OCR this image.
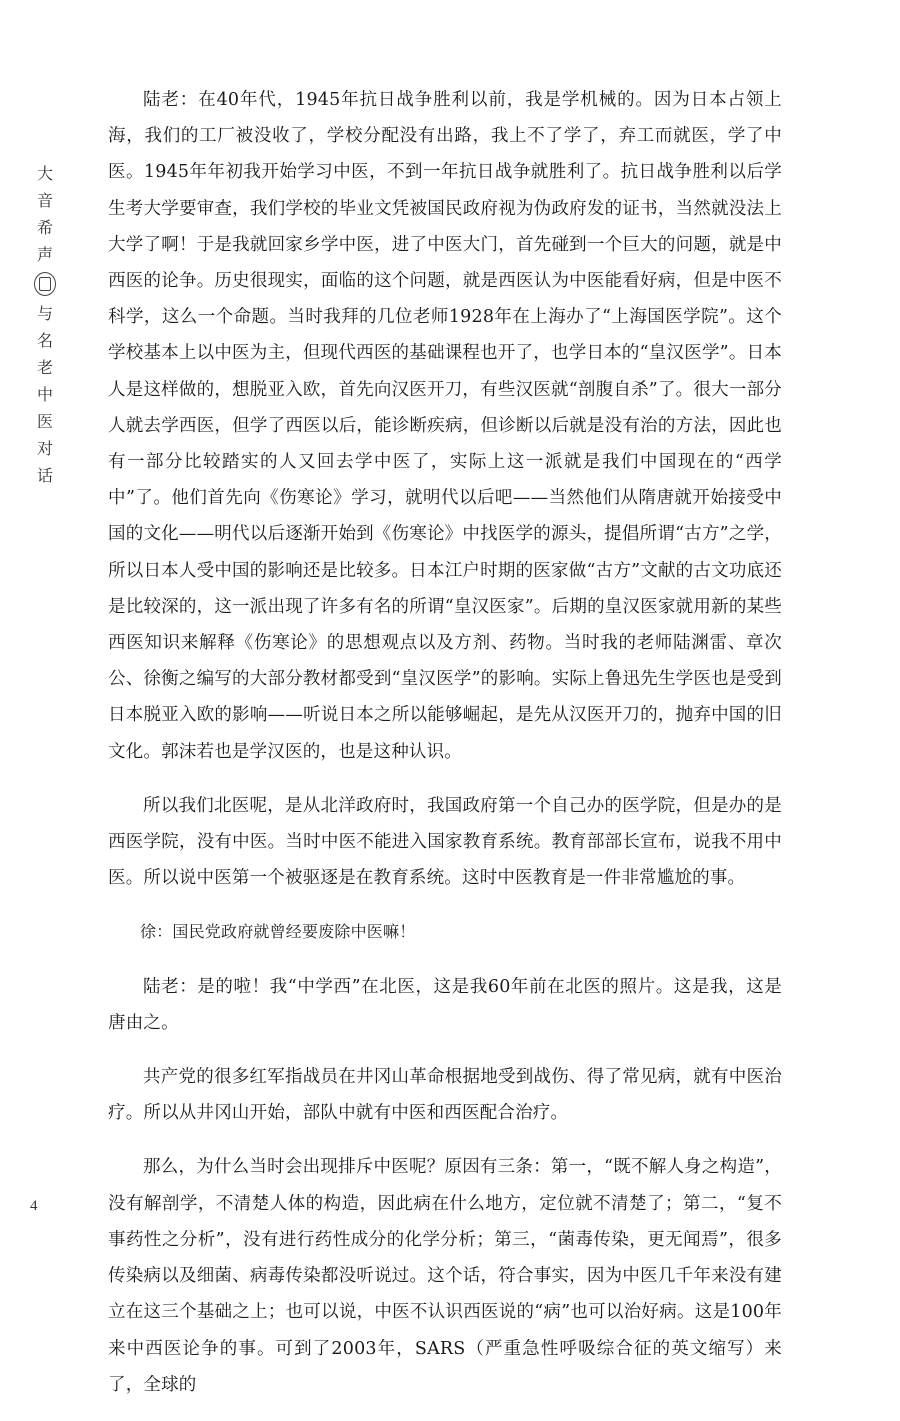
大
音
希
声
与
名
老
中
医
对
话

陆老：在40年代，1945年抗日战争胜利以前，我是学机械的。因为日本占领上海，我们的工厂被没收了，学校分配没有出路，我上不了学了，弃工而就医，学了中医。1945年年初我开始学习中医，不到一年抗日战争就胜利了。抗日战争胜利以后学生考大学要审查，我们学校的毕业文凭被国民政府视为伪政府发的证书，当然就没法上大学了啊！于是我就回家乡学中医，进了中医大门，首先碰到一个巨大的问题，就是中西医的论争。历史很现实，面临的这个问题，就是西医认为中医能看好病，但是中医不科学，这么一个命题。当时我拜的几位老师1928年在上海办了“上海国医学院”。这个学校基本上以中医为主，但现代西医的基础课程也开了，也学日本的“皇汉医学”。日本人是这样做的，想脱亚入欧，首先向汉医开刀，有些汉医就“剖腹自杀”了。很大一部分人就去学西医，但学了西医以后，能诊断疾病，但诊断以后就是没有治的方法，因此也有一部分比较踏实的人又回去学中医了，实际上这一派就是我们中国现在的“西学中”了。他们首先向《伤寒论》学习，就明代以后吧——当然他们从隋唐就开始接受中国的文化——明代以后逐渐开始到《伤寒论》中找医学的源头，提倡所谓“古方”之学，所以日本人受中国的影响还是比较多。日本江户时期的医家做“古方”文献的古文功底还是比较深的，这一派出现了许多有名的所谓“皇汉医家”。后期的皇汉医家就用新的某些西医知识来解释《伤寒论》的思想观点以及方剂、药物。当时我的老师陆渊雷、章次公、徐衡之编写的大部分教材都受到“皇汉医学”的影响。实际上鲁迅先生学医也是受到日本脱亚入欧的影响——听说日本之所以能够崛起，是先从汉医开刀的，抛弃中国的旧文化。郭沫若也是学汉医的，也是这种认识。

所以我们北医呢，是从北洋政府时，我国政府第一个自己办的医学院，但是办的是西医学院，没有中医。当时中医不能进入国家教育系统。教育部部长宣布，说我不用中医。所以说中医第一个被驱逐是在教育系统。这时中医教育是一件非常尴尬的事。

徐：国民党政府就曾经要废除中医嘛！

陆老：是的啦！我“中学西”在北医，这是我60年前在北医的照片。这是我，这是唐由之。

共产党的很多红军指战员在井冈山革命根据地受到战伤、得了常见病，就有中医治疗。所以从井冈山开始，部队中就有中医和西医配合治疗。

那么，为什么当时会出现排斥中医呢？原因有三条：第一，“既不解人身之构造”，没有解剖学，不清楚人体的构造，因此病在什么地方，定位就不清楚了；第二，“复不事药性之分析”，没有进行药性成分的化学分析；第三，“菌毒传染，更无闻焉”，很多传染病以及细菌、病毒传染都没听说过。这个话，符合事实，因为中医几千年来没有建立在这三个基础之上；也可以说，中医不认识西医说的“病”也可以治好病。这是100年来中西医论争的事。可到了2003年，SARS（严重急性呼吸综合征的英文缩写）来了，全球的

4
